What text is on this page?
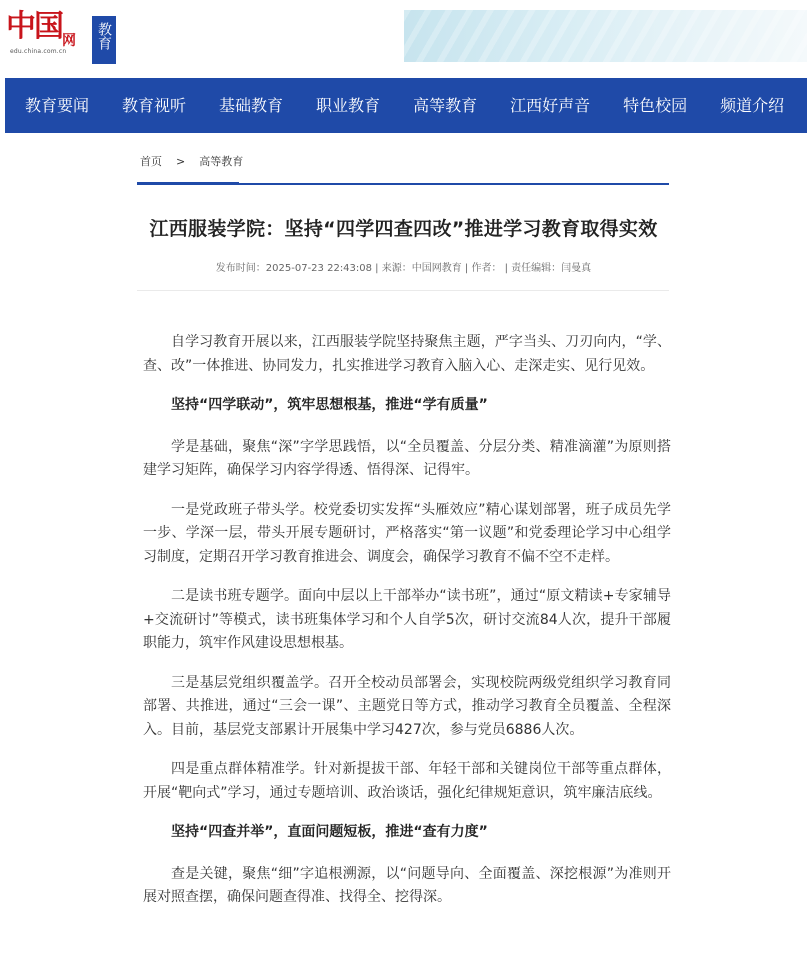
中国 网
edu.china.com.cn
教育
教育要闻 教育视听 基础教育 职业教育 高等教育 江西好声音 特色校园 频道介绍
首页 > 高等教育
江西服装学院：坚持“四学四查四改”推进学习教育取得实效
发布时间：2025-07-23 22:43:08 | 来源：中国网教育 | 作者： | 责任编辑：闫曼真

自学习教育开展以来，江西服装学院坚持聚焦主题，严字当头、刀刃向内，“学、查、改”一体推进、协同发力，扎实推进学习教育入脑入心、走深走实、见行见效。

坚持“四学联动”，筑牢思想根基，推进“学有质量”

学是基础，聚焦“深”字学思践悟，以“全员覆盖、分层分类、精准滴灌”为原则搭建学习矩阵，确保学习内容学得透、悟得深、记得牢。

一是党政班子带头学。校党委切实发挥“头雁效应”精心谋划部署，班子成员先学一步、学深一层，带头开展专题研讨，严格落实“第一议题”和党委理论学习中心组学习制度，定期召开学习教育推进会、调度会，确保学习教育不偏不空不走样。

二是读书班专题学。面向中层以上干部举办“读书班”，通过“原文精读+专家辅导+交流研讨”等模式，读书班集体学习和个人自学5次，研讨交流84人次，提升干部履职能力，筑牢作风建设思想根基。

三是基层党组织覆盖学。召开全校动员部署会，实现校院两级党组织学习教育同部署、共推进，通过“三会一课”、主题党日等方式，推动学习教育全员覆盖、全程深入。目前，基层党支部累计开展集中学习427次，参与党员6886人次。

四是重点群体精准学。针对新提拔干部、年轻干部和关键岗位干部等重点群体，开展“靶向式”学习，通过专题培训、政治谈话，强化纪律规矩意识，筑牢廉洁底线。

坚持“四查并举”，直面问题短板，推进“查有力度”

查是关键，聚焦“细”字追根溯源，以“问题导向、全面覆盖、深挖根源”为准则开展对照查摆，确保问题查得准、找得全、挖得深。
